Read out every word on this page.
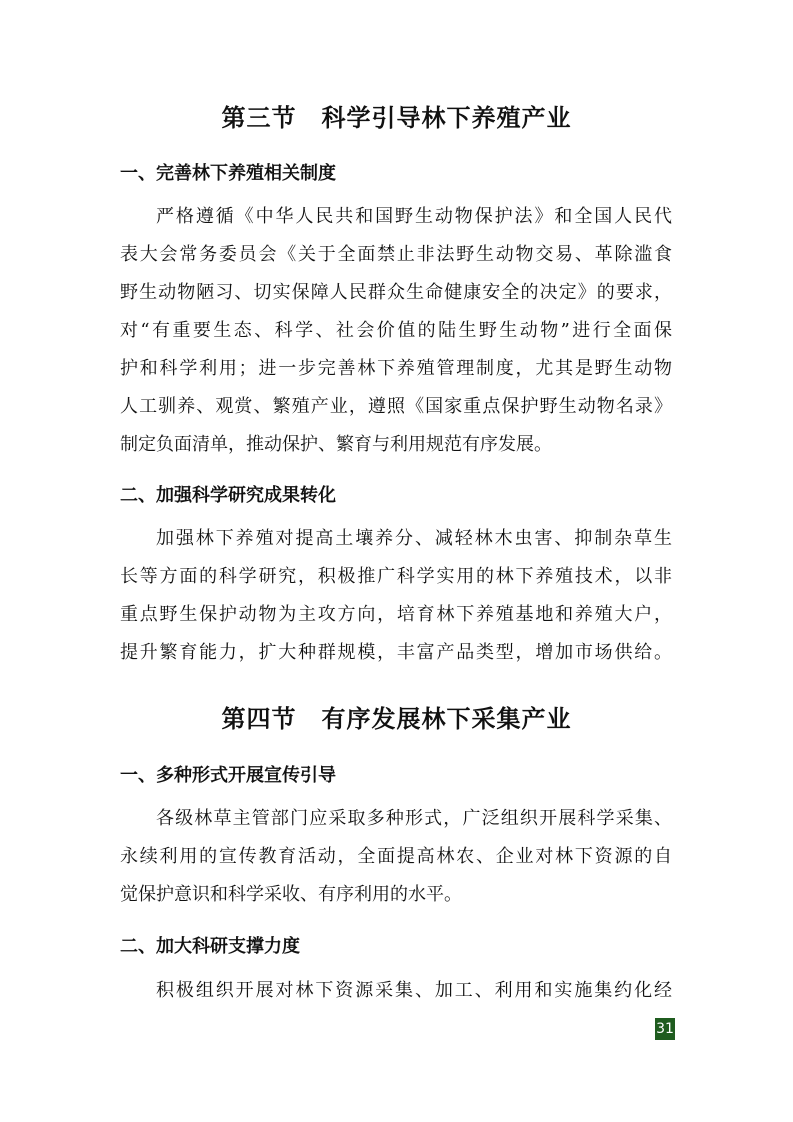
第三节　科学引导林下养殖产业
一、完善林下养殖相关制度
严格遵循《中华人民共和国野生动物保护法》和全国人民代
表大会常务委员会《关于全面禁止非法野生动物交易、革除滥食
野生动物陋习、切实保障人民群众生命健康安全的决定》的要求，
对“有重要生态、科学、社会价值的陆生野生动物”进行全面保
护和科学利用；进一步完善林下养殖管理制度，尤其是野生动物
人工驯养、观赏、繁殖产业，遵照《国家重点保护野生动物名录》
制定负面清单，推动保护、繁育与利用规范有序发展。
二、加强科学研究成果转化
加强林下养殖对提高土壤养分、减轻林木虫害、抑制杂草生
长等方面的科学研究，积极推广科学实用的林下养殖技术，以非
重点野生保护动物为主攻方向，培育林下养殖基地和养殖大户，
提升繁育能力，扩大种群规模，丰富产品类型，增加市场供给。
第四节　有序发展林下采集产业
一、多种形式开展宣传引导
各级林草主管部门应采取多种形式，广泛组织开展科学采集、
永续利用的宣传教育活动，全面提高林农、企业对林下资源的自
觉保护意识和科学采收、有序利用的水平。
二、加大科研支撑力度
积极组织开展对林下资源采集、加工、利用和实施集约化经
31
